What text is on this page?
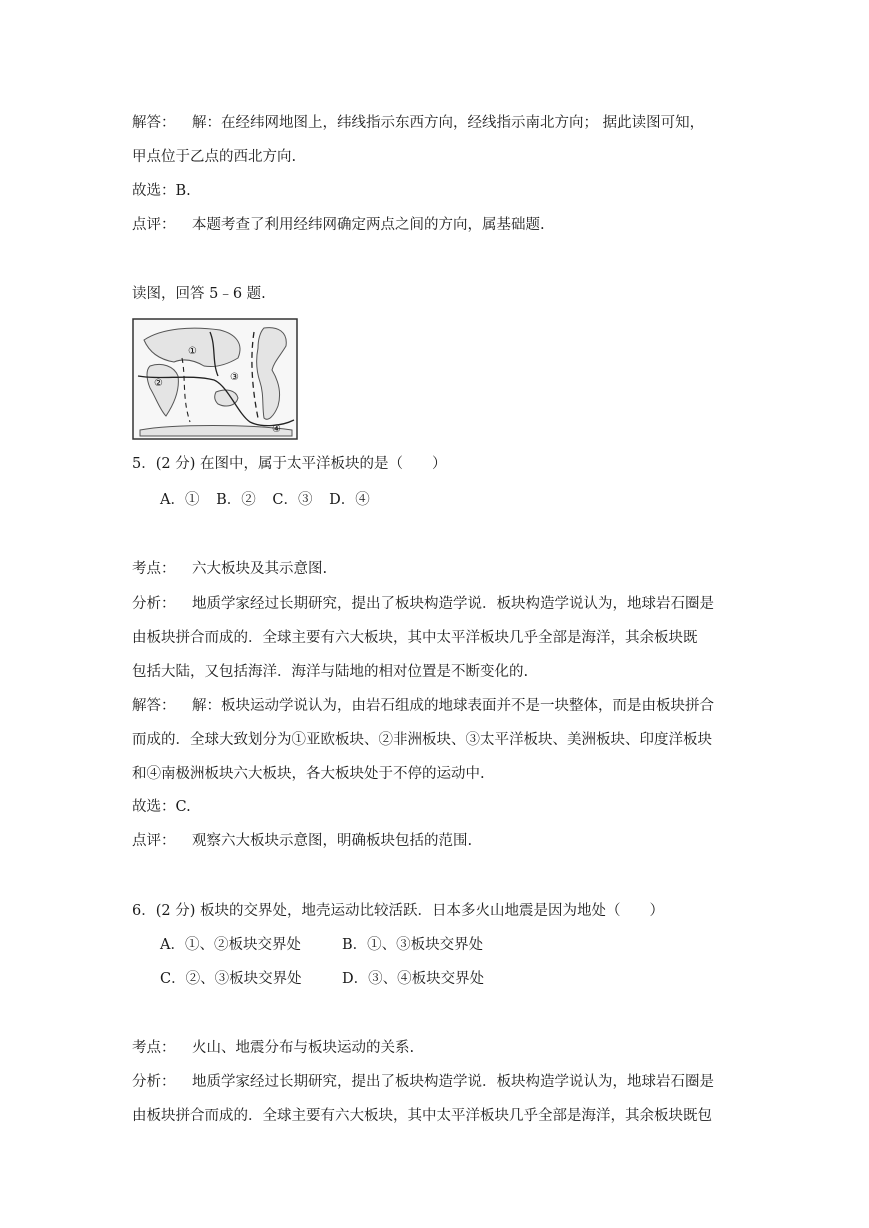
解答： 解：在经纬网地图上，纬线指示东西方向，经线指示南北方向； 据此读图可知，
甲点位于乙点的西北方向.
故选：B.
点评： 本题考查了利用经纬网确定两点之间的方向，属基础题.
读图，回答 5﹣6 题.
①
②
③
④
5．(2 分) 在图中，属于太平洋板块的是（　　）
A．① B．② C．③ D．④
考点： 六大板块及其示意图.
分析： 地质学家经过长期研究，提出了板块构造学说．板块构造学说认为，地球岩石圈是
由板块拼合而成的．全球主要有六大板块，其中太平洋板块几乎全部是海洋，其余板块既
包括大陆，又包括海洋．海洋与陆地的相对位置是不断变化的.
解答： 解：板块运动学说认为，由岩石组成的地球表面并不是一块整体，而是由板块拼合
而成的．全球大致划分为①亚欧板块、②非洲板块、③太平洋板块、美洲板块、印度洋板块
和④南极洲板块六大板块，各大板块处于不停的运动中.
故选：C.
点评： 观察六大板块示意图，明确板块包括的范围.
6．(2 分) 板块的交界处，地壳运动比较活跃．日本多火山地震是因为地处（　　）
A．①、②板块交界处	B．①、③板块交界处
C．②、③板块交界处	D．③、④板块交界处
考点： 火山、地震分布与板块运动的关系.
分析： 地质学家经过长期研究，提出了板块构造学说．板块构造学说认为，地球岩石圈是
由板块拼合而成的．全球主要有六大板块，其中太平洋板块几乎全部是海洋，其余板块既包
